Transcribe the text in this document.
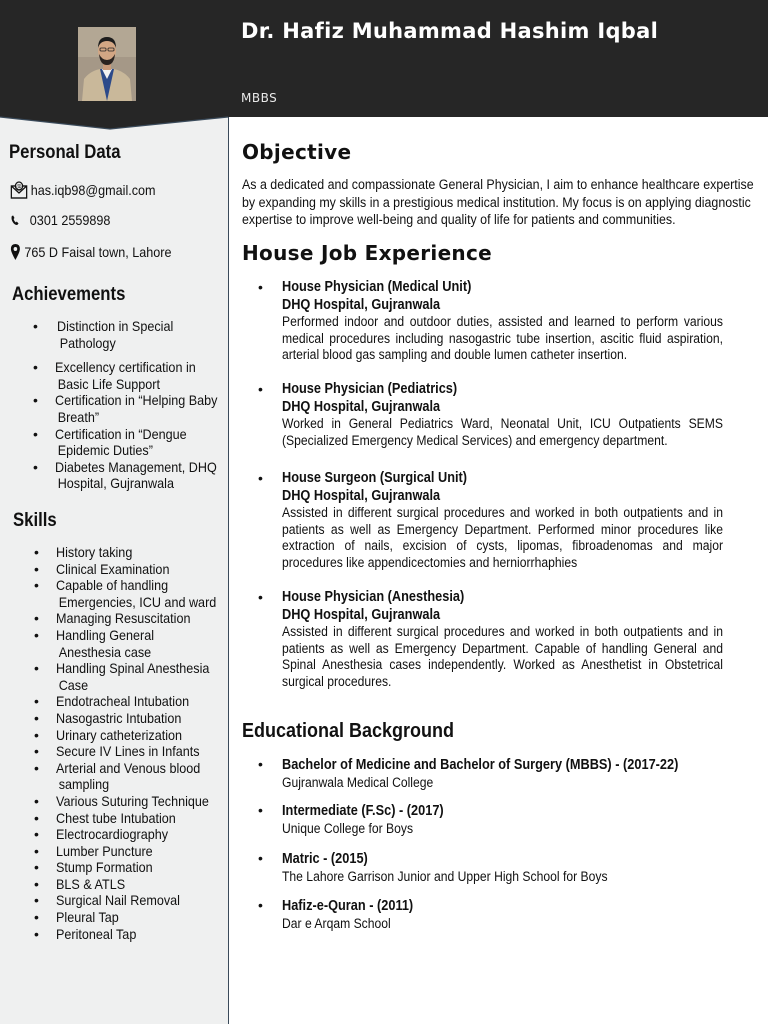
Dr. Hafiz Muhammad Hashim Iqbal
MBBS
Personal Data
@ has.iqb98@gmail.com
0301 2559898
765 D Faisal town, Lahore
Achievements
• Distinction in Special
Pathology
• Excellency certification in
Basic Life Support
• Certification in “Helping Baby
Breath”
• Certification in “Dengue
Epidemic Duties”
• Diabetes Management, DHQ
Hospital, Gujranwala
Skills
• History taking
• Clinical Examination
• Capable of handling
Emergencies, ICU and ward
• Managing Resuscitation
• Handling General
Anesthesia case
• Handling Spinal Anesthesia
Case
• Endotracheal Intubation
• Nasogastric Intubation
• Urinary catheterization
• Secure IV Lines in Infants
• Arterial and Venous blood
sampling
• Various Suturing Technique
• Chest tube Intubation
• Electrocardiography
• Lumber Puncture
• Stump Formation
• BLS & ATLS
• Surgical Nail Removal
• Pleural Tap
• Peritoneal Tap
Objective
As a dedicated and compassionate General Physician, I aim to enhance healthcare expertise by expanding my skills in a prestigious medical institution. My focus is on applying diagnostic expertise to improve well-being and quality of life for patients and communities.
House Job Experience
• House Physician (Medical Unit)
DHQ Hospital, Gujranwala
Performed indoor and outdoor duties, assisted and learned to perform various medical procedures including nasogastric tube insertion, ascitic fluid aspiration, arterial blood gas sampling and double lumen catheter insertion.
• House Physician (Pediatrics)
DHQ Hospital, Gujranwala
Worked in General Pediatrics Ward, Neonatal Unit, ICU Outpatients SEMS (Specialized Emergency Medical Services) and emergency department.
• House Surgeon (Surgical Unit)
DHQ Hospital, Gujranwala
Assisted in different surgical procedures and worked in both outpatients and in patients as well as Emergency Department. Performed minor procedures like extraction of nails, excision of cysts, lipomas, fibroadenomas and major procedures like appendicectomies and herniorrhaphies
• House Physician (Anesthesia)
DHQ Hospital, Gujranwala
Assisted in different surgical procedures and worked in both outpatients and in patients as well as Emergency Department. Capable of handling General and Spinal Anesthesia cases independently. Worked as Anesthetist in Obstetrical surgical procedures.
Educational Background
• Bachelor of Medicine and Bachelor of Surgery (MBBS) - (2017-22)
Gujranwala Medical College
• Intermediate (F.Sc) - (2017)
Unique College for Boys
• Matric - (2015)
The Lahore Garrison Junior and Upper High School for Boys
• Hafiz-e-Quran - (2011)
Dar e Arqam School
